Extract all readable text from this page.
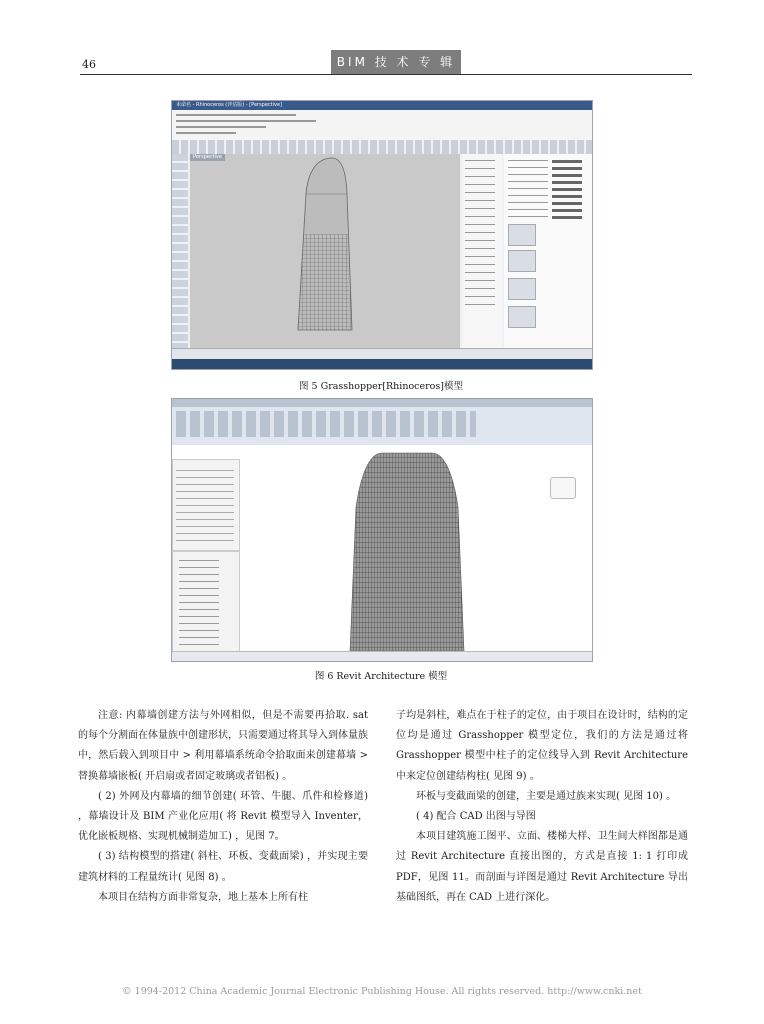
46	BIM 技 术 专 辑
未命名 - Rhinoceros (评估版) - [Perspective]
Perspective
图 5 Grasshopper[Rhinoceros]模型
图 6 Revit Architecture 模型

注意: 内幕墙创建方法与外网相似，但是不需要再拾取. sat 的每个分割面在体量族中创建形状，只需要通过将其导入到体量族中，然后载入到项目中 > 利用幕墙系统命令拾取面来创建幕墙 > 替换幕墙嵌板( 开启扇或者固定玻璃或者铝板) 。

( 2) 外网及内幕墙的细节创建( 环管、牛腿、爪件和检修道) ，幕墙设计及 BIM 产业化应用( 将 Revit 模型导入 Inventer，优化嵌板规格、实现机械制造加工) ，见图 7。

( 3) 结构模型的搭建( 斜柱、环板、变截面梁) ，并实现主要建筑材料的工程量统计( 见图 8) 。

本项目在结构方面非常复杂，地上基本上所有柱

子均是斜柱，难点在于柱子的定位，由于项目在设计时，结构的定位均是通过 Grasshopper 模型定位，我们的方法是通过将 Grasshopper 模型中柱子的定位线导入到 Revit Architecture 中来定位创建结构柱( 见图 9) 。

环板与变截面梁的创建，主要是通过族来实现( 见图 10) 。

( 4) 配合 CAD 出图与导图

本项目建筑施工图平、立面、楼梯大样、卫生间大样图都是通过 Revit Architecture 直接出图的，方式是直接 1: 1 打印成 PDF，见图 11。而剖面与详图是通过 Revit Architecture 导出基础图纸，再在 CAD 上进行深化。

© 1994-2012 China Academic Journal Electronic Publishing House. All rights reserved. http://www.cnki.net
